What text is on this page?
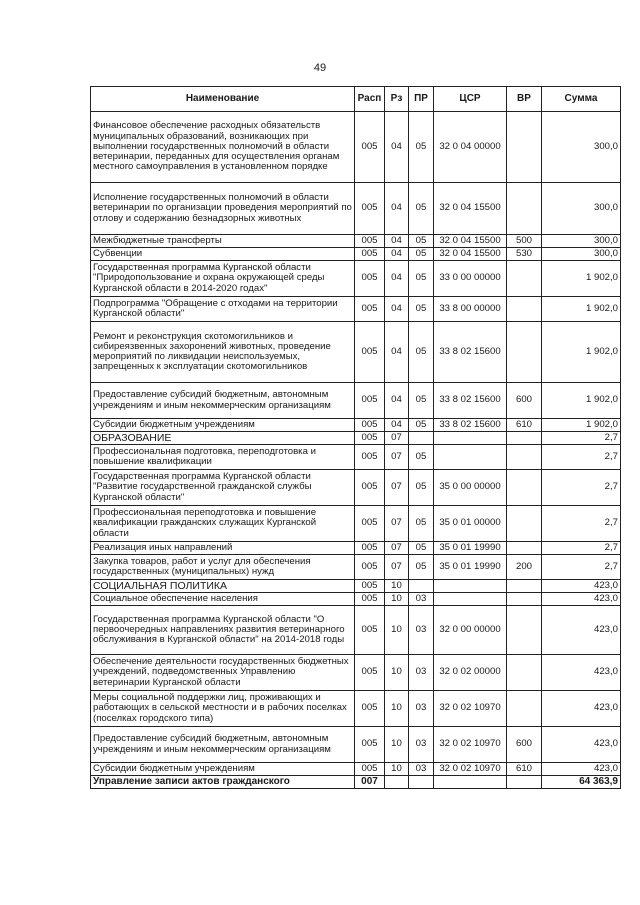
49
Наименование	Расп	Рз	ПР	ЦСР	ВР	Сумма
Финансовое обеспечение расходных обязательств муниципальных образований, возникающих при выполнении государственных полномочий в области ветеринарии, переданных для осуществления органам местного самоуправления в установленном порядке	005	04	05	32 0 04 00000		300,0
Исполнение государственных полномочий в области ветеринарии по организации проведения мероприятий по отлову и содержанию безнадзорных животных	005	04	05	32 0 04 15500		300,0
Межбюджетные трансферты	005	04	05	32 0 04 15500	500	300,0
Субвенции	005	04	05	32 0 04 15500	530	300,0
Государственная программа Курганской области "Природопользование и охрана окружающей среды Курганской области в 2014-2020 годах"	005	04	05	33 0 00 00000		1 902,0
Подпрограмма "Обращение с отходами на территории Курганской области"	005	04	05	33 8 00 00000		1 902,0
Ремонт и реконструкция скотомогильников и сибиреязвенных захоронений животных, проведение мероприятий по ликвидации неиспользуемых, запрещенных к эксплуатации скотомогильников	005	04	05	33 8 02 15600		1 902,0
Предоставление субсидий бюджетным, автономным учреждениям и иным некоммерческим организациям	005	04	05	33 8 02 15600	600	1 902,0
Субсидии бюджетным учреждениям	005	04	05	33 8 02 15600	610	1 902,0
ОБРАЗОВАНИЕ	005	07				2,7
Профессиональная подготовка, переподготовка и повышение квалификации	005	07	05			2,7
Государственная программа Курганской области "Развитие государственной гражданской службы Курганской области"	005	07	05	35 0 00 00000		2,7
Профессиональная переподготовка и повышение квалификации гражданских служащих Курганской области	005	07	05	35 0 01 00000		2,7
Реализация иных направлений	005	07	05	35 0 01 19990		2,7
Закупка товаров, работ и услуг для обеспечения государственных (муниципальных) нужд	005	07	05	35 0 01 19990	200	2,7
СОЦИАЛЬНАЯ ПОЛИТИКА	005	10				423,0
Социальное обеспечение населения	005	10	03			423,0
Государственная программа Курганской области "О первоочередных направлениях развития ветеринарного обслуживания в Курганской области" на 2014-2018 годы	005	10	03	32 0 00 00000		423,0
Обеспечение деятельности государственных бюджетных учреждений, подведомственных Управлению ветеринарии Курганской области	005	10	03	32 0 02 00000		423,0
Меры социальной поддержки лиц, проживающих и работающих в сельской местности и в рабочих поселках (поселках городского типа)	005	10	03	32 0 02 10970		423,0
Предоставление субсидий бюджетным, автономным учреждениям и иным некоммерческим организациям	005	10	03	32 0 02 10970	600	423,0
Субсидии бюджетным учреждениям	005	10	03	32 0 02 10970	610	423,0
Управление записи актов гражданского	007					64 363,9
